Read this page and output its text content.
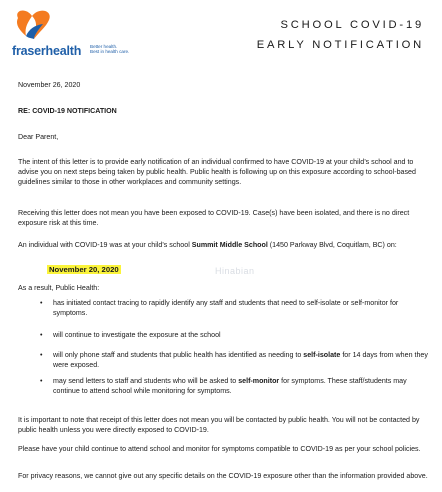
fraserhealth Better health.
Best in health care.
SCHOOL COVID-19
EARLY NOTIFICATION

November 26, 2020

RE: COVID-19 NOTIFICATION

Dear Parent,

The intent of this letter is to provide early notification of an individual confirmed to have COVID-19 at your child’s school and to advise you on next steps being taken by public health. Public health is following up on this exposure according to school-based guidelines similar to those in other workplaces and community settings.

Receiving this letter does not mean you have been exposed to COVID-19. Case(s) have been isolated, and there is no direct exposure risk at this time.

An individual with COVID-19 was at your child’s school Summit Middle School (1450 Parkway Blvd, Coquitlam, BC) on:

November 20, 2020

As a result, Public Health:

• has initiated contact tracing to rapidly identify any staff and students that need to self-isolate or self-monitor for symptoms.
• will continue to investigate the exposure at the school
• will only phone staff and students that public health has identified as needing to self-isolate for 14 days from when they were exposed.
• may send letters to staff and students who will be asked to self-monitor for symptoms. These staff/students may continue to attend school while monitoring for symptoms.

It is important to note that receipt of this letter does not mean you will be contacted by public health. You will not be contacted by public health unless you were directly exposed to COVID-19.

Please have your child continue to attend school and monitor for symptoms compatible to COVID-19 as per your school policies.

For privacy reasons, we cannot give out any specific details on the COVID-19 exposure other than the information provided above.

Hinabian
